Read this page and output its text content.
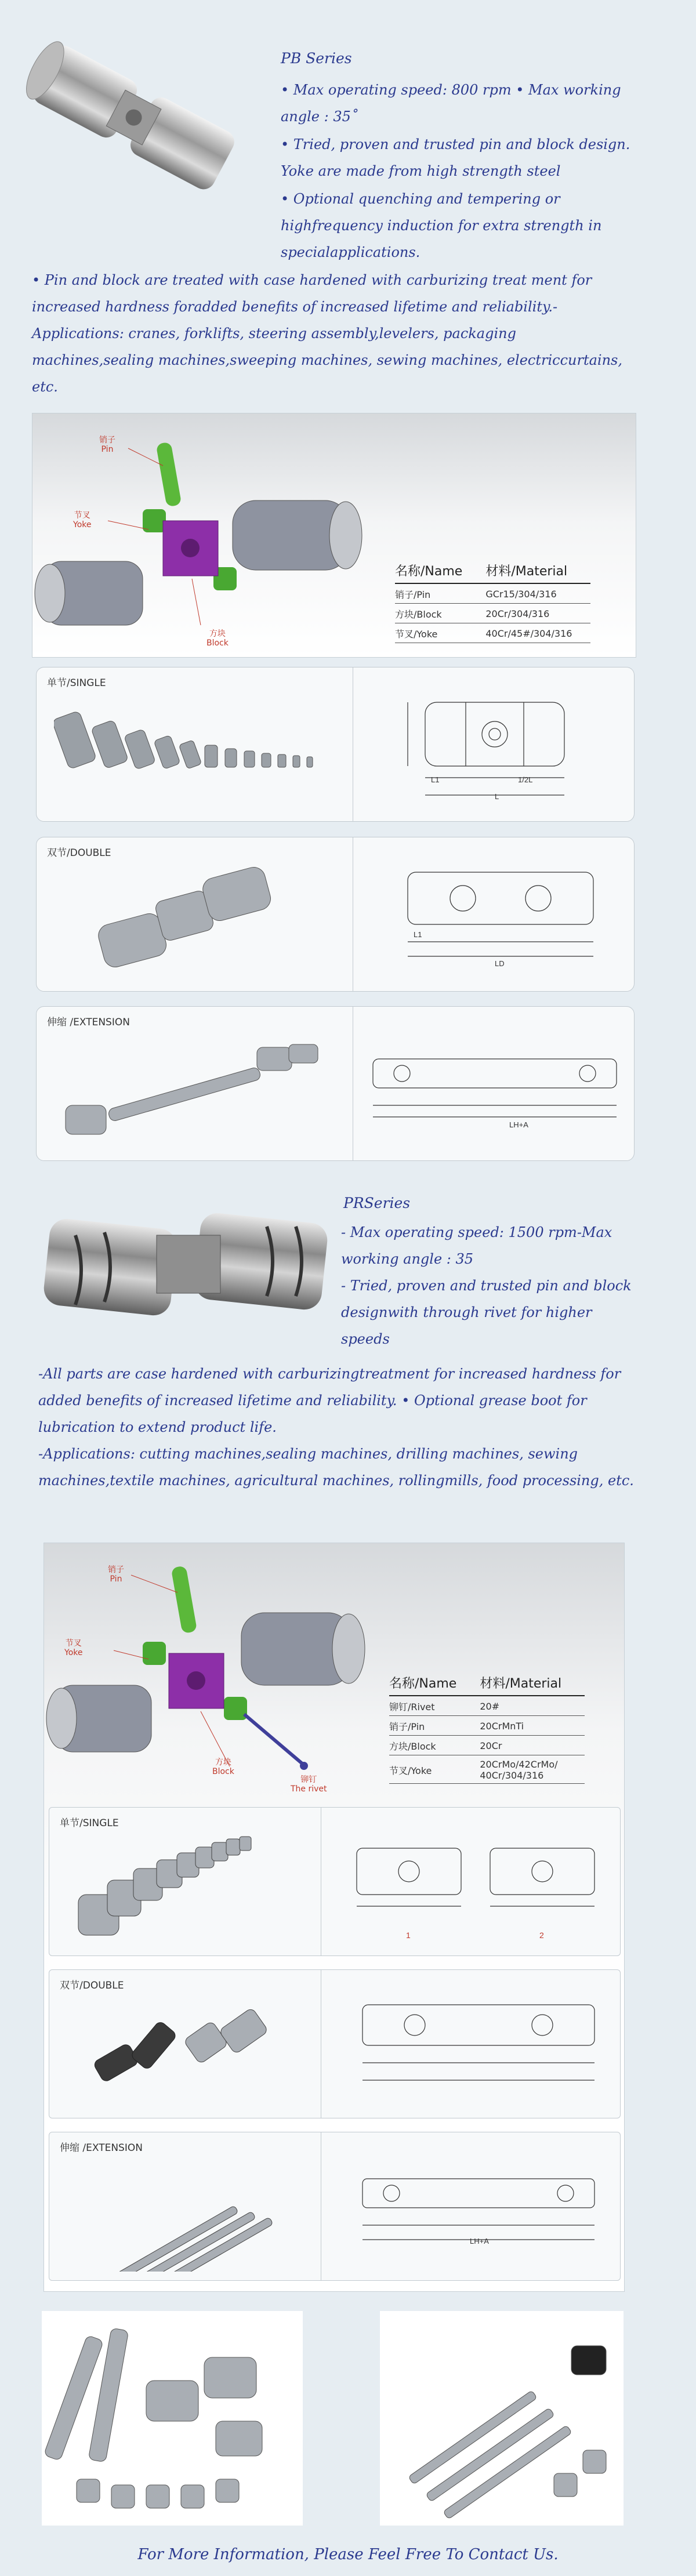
PB Series
• Max operating speed: 800 rpm • Max working angle : 35˚
• Tried, proven and trusted pin and block design. Yoke are made from high strength steel
• Optional quenching and tempering or highfrequency induction for extra strength in specialapplications.
• Pin and block are treated with case hardened with carburizing treat ment for increased hardness foradded benefits of increased lifetime and reliability.-Applications: cranes, forklifts, steering assembly,levelers, packaging machines,sealing machines,sweeping machines, sewing machines, electriccurtains, etc.
销子
Pin
节叉
Yoke
方块
Block
名称/Name	材料/Material
销子/Pin	GCr15/304/316
方块/Block	20Cr/304/316
节叉/Yoke	40Cr/45#/304/316
单节/SINGLE
L1	1/2L
L
双节/DOUBLE
L1
LD
伸缩 /EXTENSION
LH+A
PRSeries
- Max operating speed: 1500 rpm-Max working angle : 35
- Tried, proven and trusted pin and block designwith through rivet for higher speeds
-All parts are case hardened with carburizingtreatment for increased hardness for added benefits of increased lifetime and reliability. • Optional grease boot for lubrication to extend product life.
-Applications: cutting machines,sealing machines, drilling machines, sewing machines,textile machines, agricultural machines, rollingmills, food processing, etc.
销子
Pin
节叉
Yoke
方块
Block
铆钉
The rivet
名称/Name	材料/Material
铆钉/Rivet	20#
销子/Pin	20CrMnTi
方块/Block	20Cr
节叉/Yoke	20CrMo/42CrMo/
40Cr/304/316
单节/SINGLE
1	2
双节/DOUBLE
伸缩 /EXTENSION
LH+A
For More Information, Please Feel Free To Contact Us.
